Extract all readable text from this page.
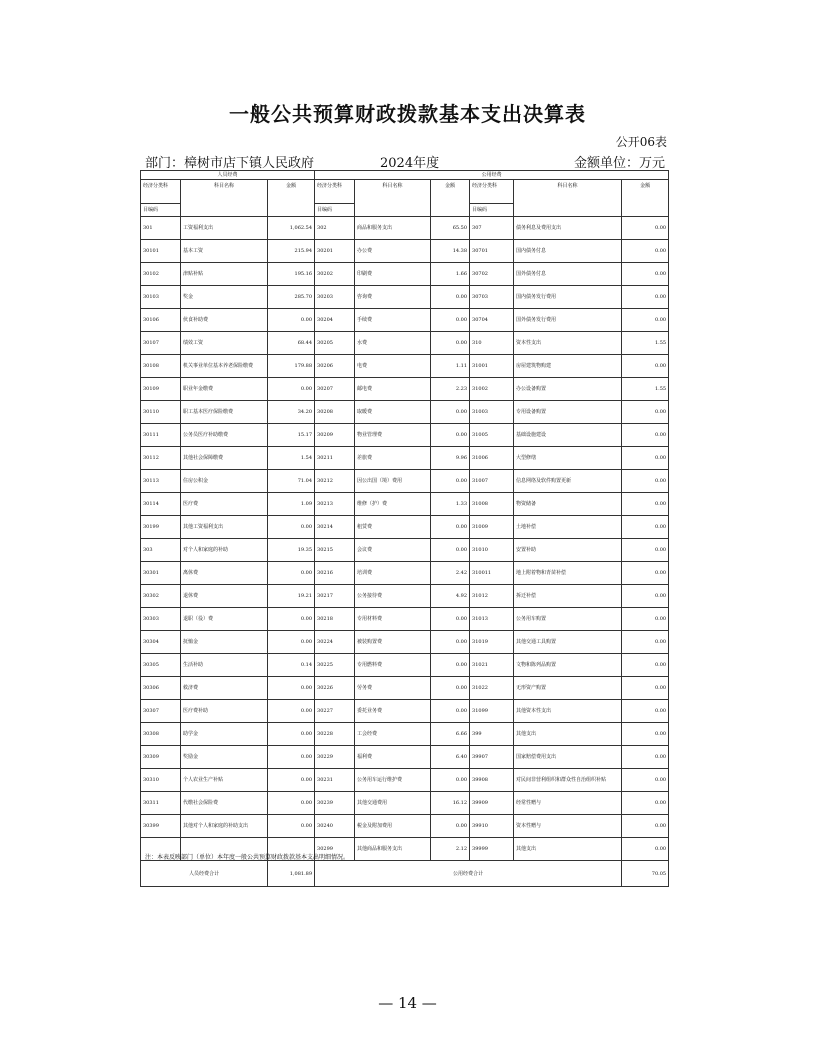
一般公共预算财政拨款基本支出决算表
公开06表
部门：樟树市店下镇人民政府	2024年度	金额单位：万元
人员经费			公用经费					
经济分类科	科目名称	金额	经济分类科	科目名称	金额	经济分类科	科目名称	金额
目编码			目编码			目编码		
301	工资福利支出	1,062.54	302	商品和服务支出	65.50	307	债务利息及费用支出	0.00
30101	基本工资	215.94	30201	办公费	14.38	30701	国内债务付息	0.00
30102	津贴补贴	195.16	30202	印刷费	1.66	30702	国外债务付息	0.00
30103	奖金	285.70	30203	咨询费	0.00	30703	国内债务发行费用	0.00
30106	伙食补助费	0.00	30204	手续费	0.00	30704	国外债务发行费用	0.00
30107	绩效工资	68.44	30205	水费	0.00	310	资本性支出	1.55
30108	机关事业单位基本养老保险缴费	179.88	30206	电费	1.11	31001	房屋建筑物购建	0.00
30109	职业年金缴费	0.00	30207	邮电费	2.23	31002	办公设备购置	1.55
30110	职工基本医疗保险缴费	34.20	30208	取暖费	0.00	31003	专用设备购置	0.00
30111	公务员医疗补助缴费	15.17	30209	物业管理费	0.00	31005	基础设施建设	0.00
30112	其他社会保障缴费	1.54	30211	差旅费	9.96	31006	大型修缮	0.00
30113	住房公积金	71.04	30212	因公出国（境）费用	0.00	31007	信息网络及软件购置更新	0.00
30114	医疗费	1.09	30213	维修（护）费	1.33	31008	物资储备	0.00
30199	其他工资福利支出	0.00	30214	租赁费	0.00	31009	土地补偿	0.00
303	对个人和家庭的补助	19.35	30215	会议费	0.00	31010	安置补助	0.00
30301	离休费	0.00	30216	培训费	2.42	310011	地上附着物和青苗补偿	0.00
30302	退休费	19.21	30217	公务接待费	4.92	31012	拆迁补偿	0.00
30303	退职（役）费	0.00	30218	专用材料费	0.00	31013	公务用车购置	0.00
30304	抚恤金	0.00	30224	被装购置费	0.00	31019	其他交通工具购置	0.00
30305	生活补助	0.14	30225	专用燃料费	0.00	31021	文物和陈列品购置	0.00
30306	救济费	0.00	30226	劳务费	0.00	31022	无形资产购置	0.00
30307	医疗费补助	0.00	30227	委托业务费	0.00	31099	其他资本性支出	0.00
30308	助学金	0.00	30228	工会经费	6.66	399	其他支出	0.00
30309	奖励金	0.00	30229	福利费	6.40	39907	国家赔偿费用支出	0.00
30310	个人农业生产补贴	0.00	30231	公务用车运行维护费	0.00	39908	对民间非营利组织和群众性自治组织补贴	0.00
30311	代缴社会保险费	0.00	30239	其他交通费用	16.12	39909	经常性赠与	0.00
30399	其他对个人和家庭的补助支出	0.00	30240	税金及附加费用	0.00	39910	资本性赠与	0.00
			30299	其他商品和服务支出	2.12	39999	其他支出	0.00
人员经费合计		1,081.89	公用经费合计					70.05
注：本表反映部门（单位）本年度一般公共预算财政拨款基本支出明细情况。
— 14 —
